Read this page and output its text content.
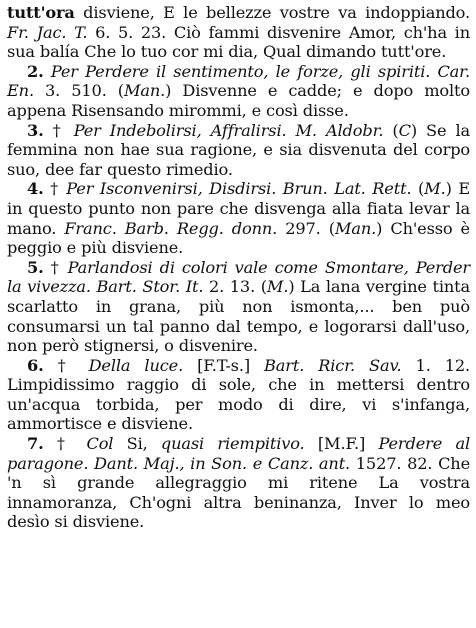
tutt'ora disviene, E le bellezze vostre va indoppiando. Fr. Jac. T. 6. 5. 23. Ciò fammi disvenire Amor, ch'ha in sua balía Che lo tuo cor mi dia, Qual dimando tutt'ore.

2. Per Perdere il sentimento, le forze, gli spiriti. Car. En. 3. 510. (Man.) Disvenne e cadde; e dopo molto appena Risensando mirommi, e così disse.

3. † Per Indebolirsi, Affralirsi. M. Aldobr. (C) Se la femmina non hae sua ragione, e sia disvenuta del corpo suo, dee far questo rimedio.

4. † Per Isconvenirsi, Disdirsi. Brun. Lat. Rett. (M.) E in questo punto non pare che disvenga alla fiata levar la mano. Franc. Barb. Regg. donn. 297. (Man.) Ch'esso è peggio e più disviene.

5. † Parlandosi di colori vale come Smontare, Perder la vivezza. Bart. Stor. It. 2. 13. (M.) La lana vergine tinta scarlatto in grana, più non ismonta,... ben può consumarsi un tal panno dal tempo, e logorarsi dall'uso, non però stignersi, o disvenire.

6. † Della luce. [F.T-s.] Bart. Ricr. Sav. 1. 12. Limpidissimo raggio di sole, che in mettersi dentro un'acqua torbida, per modo di dire, vi s'infanga, ammortisce e disviene.

7. † Col Si, quasi riempitivo. [M.F.] Perdere al paragone. Dant. Maj., in Son. e Canz. ant. 1527. 82. Che 'n sì grande allegraggio mi ritene La vostra innamoranza, Ch'ogni altra beninanza, Inver lo meo desìo si disviene.
